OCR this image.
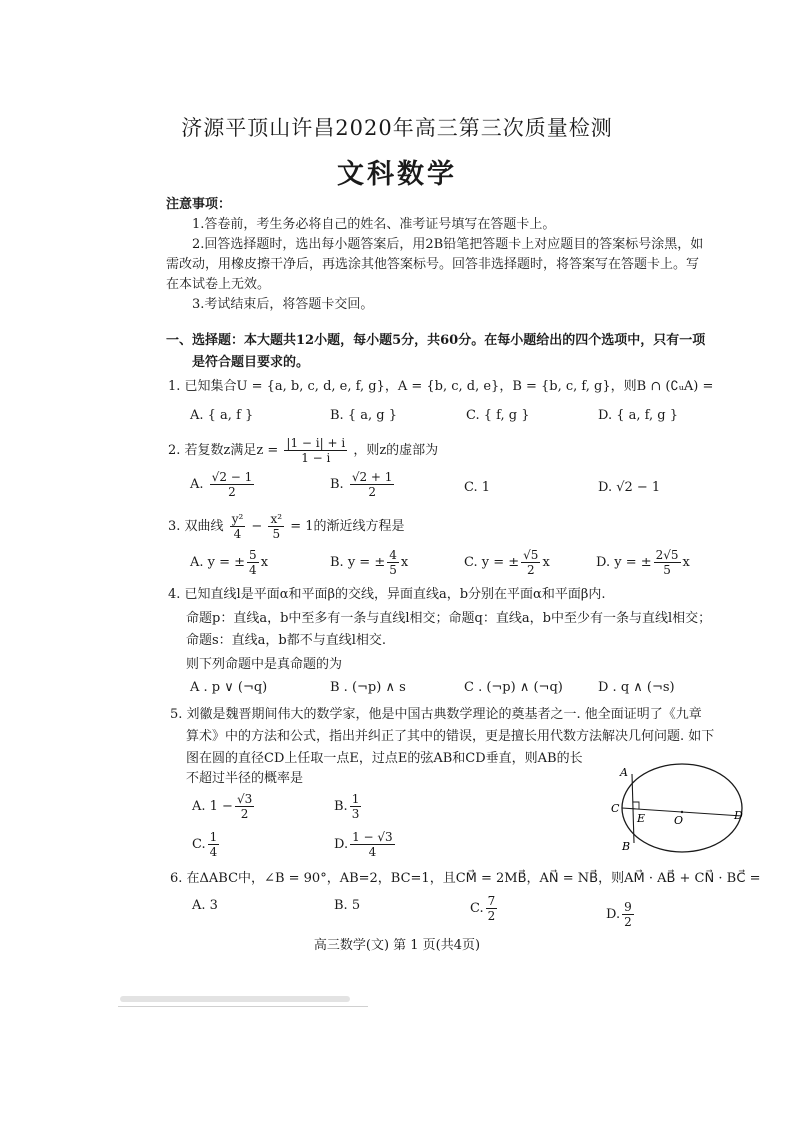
济源平顶山许昌2020年高三第三次质量检测
文科数学
注意事项：
1.答卷前，考生务必将自己的姓名、准考证号填写在答题卡上。
2.回答选择题时，选出每小题答案后，用2B铅笔把答题卡上对应题目的答案标号涂黑，如
需改动，用橡皮擦干净后，再选涂其他答案标号。回答非选择题时，将答案写在答题卡上。写
在本试卷上无效。
3.考试结束后，将答题卡交回。
一、选择题：本大题共12小题，每小题5分，共60分。在每小题给出的四个选项中，只有一项
是符合题目要求的。
1. 已知集合U = {a, b, c, d, e, f, g}，A = {b, c, d, e}，B = {b, c, f, g}，则B ∩ (∁ᵤA) =
A. { a, f }	B. { a, g }	C. { f, g }	D. { a, f, g }
2. 若复数z满足$z = \frac{|1 - i| + i}{1 - i}$ ，则z的虚部为
A. $\frac{√2 - 1}{2}$	B. $\frac{√2 + 1}{2}$	C. 1	D. √2 − 1
3. 双曲线 $\frac{\text{y²}}{4} - \frac{\text{x²}}{5} = 1$的渐近线方程是
A. y = ± $\frac{5}{4}$ x	B. y = ± $\frac{4}{5}$ x	C. y = ± $\frac{√5}{2}$ x	D. y = ± $\frac{2√5}{5}$ x
4. 已知直线l是平面α和平面β的交线，异面直线a，b分别在平面α和平面β内.
命题p：直线a，b中至多有一条与直线l相交；命题q：直线a，b中至少有一条与直线l相交；
命题s：直线a，b都不与直线l相交.
则下列命题中是真命题的为
A . p ∨ (¬q)	B . (¬p) ∧ s	C . (¬p) ∧ (¬q)	D . q ∧ (¬s)
5. 刘徽是魏晋期间伟大的数学家，他是中国古典数学理论的奠基者之一. 他全面证明了《九章
算术》中的方法和公式，指出并纠正了其中的错误，更是擅长用代数方法解决几何问题. 如下
图在圆的直径CD上任取一点E，过点E的弦AB和CD垂直，则AB的长
不超过半径的概率是
A. $1 - \frac{√3}{2}$	B. $\frac{1}{3}$
C. $\frac{1}{4}$	D. $\frac{1 - √3}{4}$
A
B
C
D
E	O
6. 在ΔABC中，∠B = 90°，AB=2，BC=1，且CM⃗ = 2MB⃗，AN⃗ = NB⃗，则AM⃗ · AB⃗ + CN⃗ · BC⃗ =
A. 3	B. 5	C. $\frac{7}{2}$	D. $\frac{9}{2}$
高三数学(文) 第 1 页(共4页)
